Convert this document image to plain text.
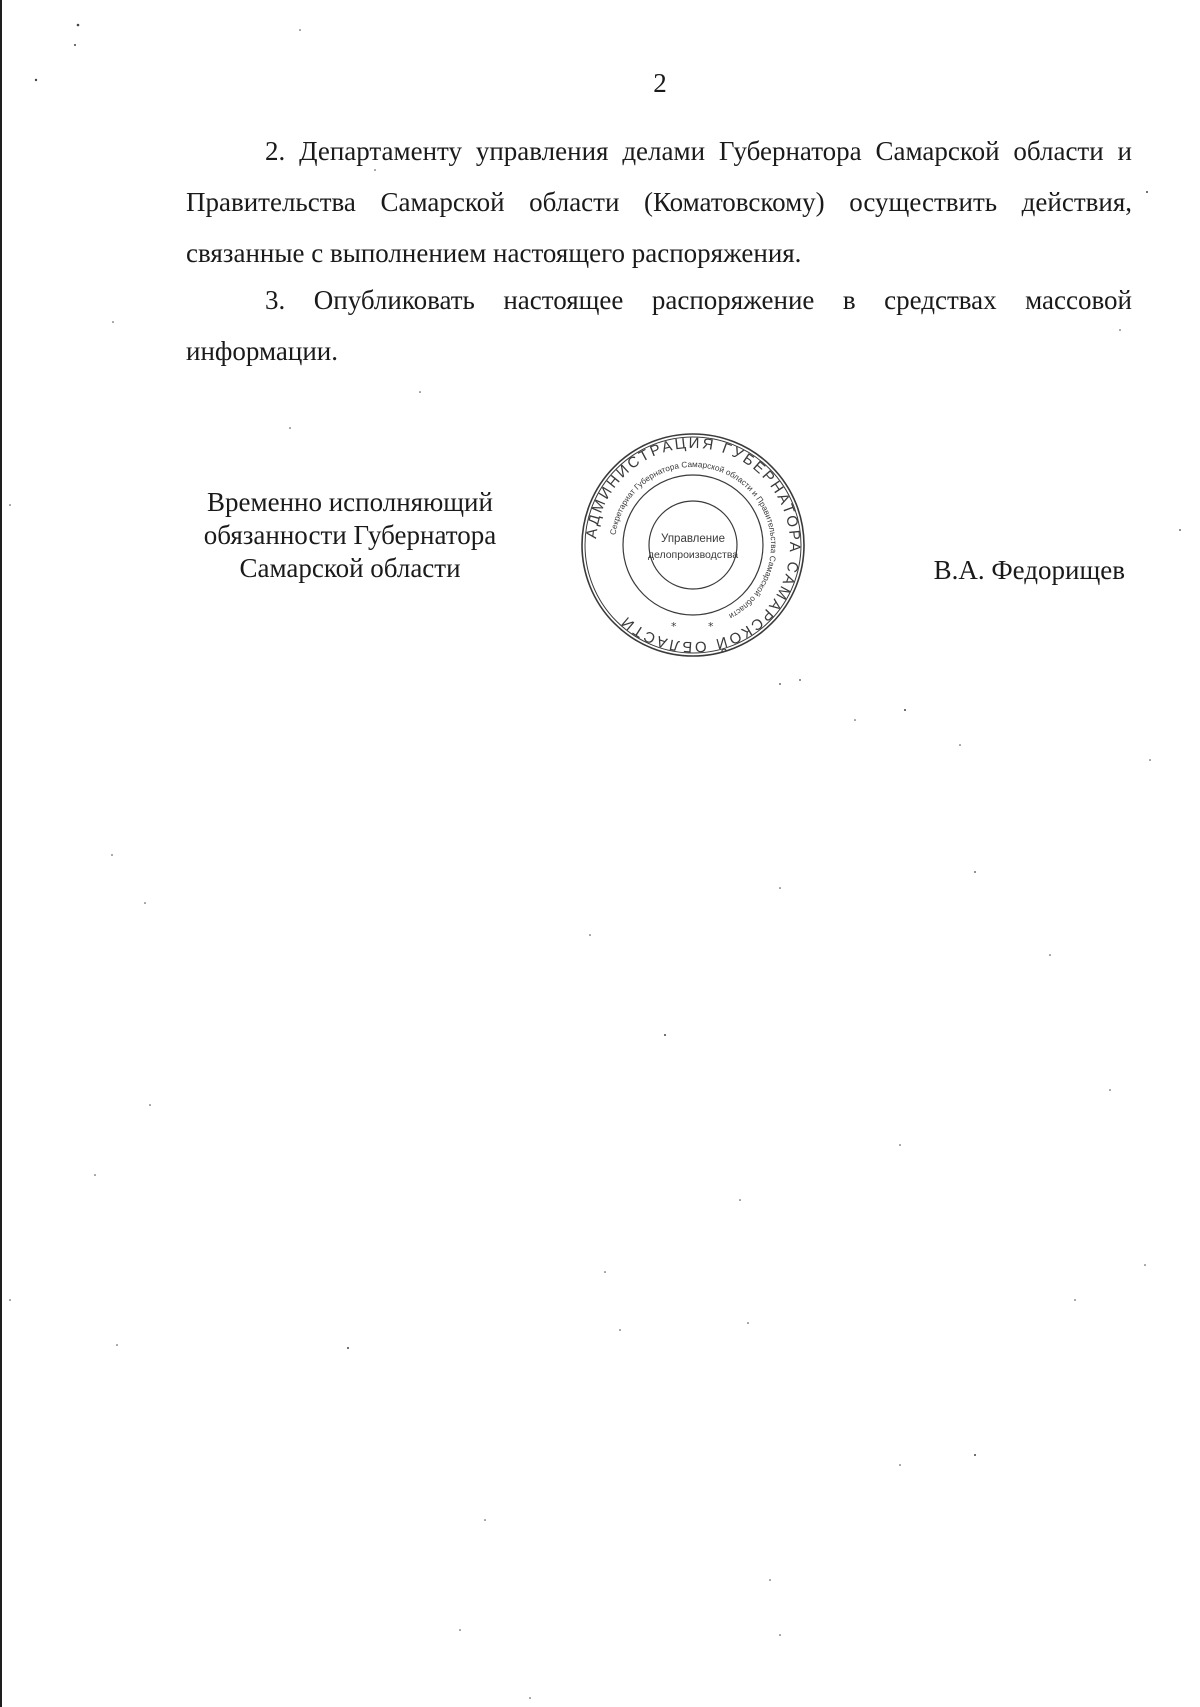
2

2. Департаменту управления делами Губернатора Самарской области и Правительства Самарской области (Коматовскому) осуществить действия, связанные с выполнением настоящего распоряжения.

3. Опубликовать настоящее распоряжение в средствах массовой информации.

Временно исполняющий
обязанности Губернатора
Самарской области
АДМИНИСТРАЦИЯ ГУБЕРНАТОРА САМАРСКОЙ ОБЛАСТИ
Секретариат Губернатора Самарской области и Правительства Самарской области
Управление
делопроизводства
*	*
В.А. Федорищев
